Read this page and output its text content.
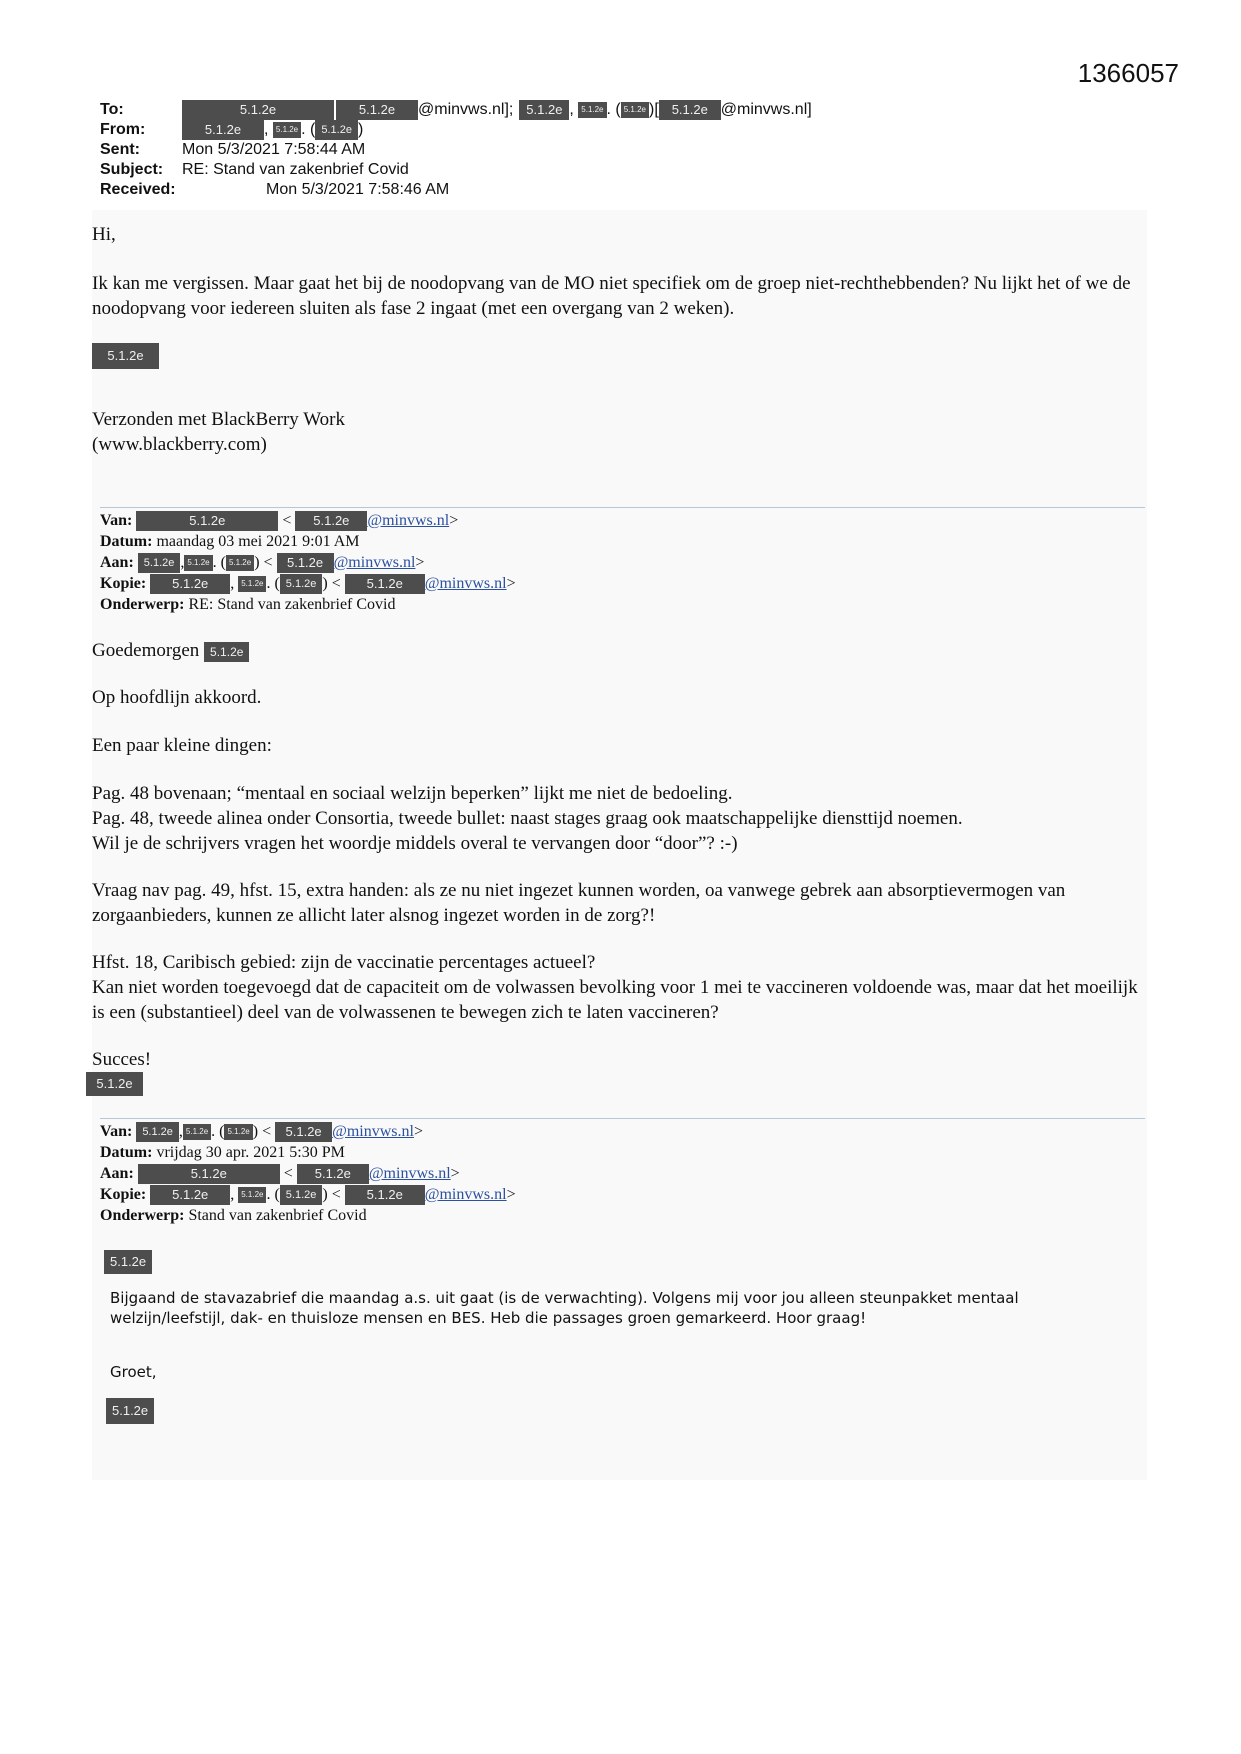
1366057
To:	5.1.2e	5.1.2e	@minvws.nl]; 5.1.2e , 5.1.2e . ( 5.1.2e )[ 5.1.2e @minvws.nl]
From:	5.1.2e	, 5.1.2e . ( 5.1.2e )
Sent:	Mon 5/3/2021 7:58:44 AM
Subject:	RE: Stand van zakenbrief Covid
Received:	Mon 5/3/2021 7:58:46 AM

Hi,

Ik kan me vergissen. Maar gaat het bij de noodopvang van de MO niet specifiek om de groep niet-rechthebbenden? Nu lijkt het of we de noodopvang voor iedereen sluiten als fase 2 ingaat (met een overgang van 2 weken).

5.1.2e

Verzonden met BlackBerry Work

(www.blackberry.com)

Van:	5.1.2e	<	5.1.2e	@minvws.nl >
Datum: maandag 03 mei 2021 9:01 AM
Aan: 5.1.2e , 5.1.2e . ( 5.1.2e ) < 5.1.2e @minvws.nl >
Kopie:	5.1.2e	, 5.1.2e . ( 5.1.2e ) <	5.1.2e	@minvws.nl >
Onderwerp: RE: Stand van zakenbrief Covid

Goedemorgen 5.1.2e

Op hoofdlijn akkoord.

Een paar kleine dingen:

Pag. 48 bovenaan; “mentaal en sociaal welzijn beperken” lijkt me niet de bedoeling.

Pag. 48, tweede alinea onder Consortia, tweede bullet: naast stages graag ook maatschappelijke diensttijd noemen.

Wil je de schrijvers vragen het woordje middels overal te vervangen door “door”? :-)

Vraag nav pag. 49, hfst. 15, extra handen: als ze nu niet ingezet kunnen worden, oa vanwege gebrek aan absorptievermogen van zorgaanbieders, kunnen ze allicht later alsnog ingezet worden in de zorg?!

Hfst. 18, Caribisch gebied: zijn de vaccinatie percentages actueel?

Kan niet worden toegevoegd dat de capaciteit om de volwassen bevolking voor 1 mei te vaccineren voldoende was, maar dat het moeilijk is een (substantieel) deel van de volwassenen te bewegen zich te laten vaccineren?

Succes!

5.1.2e
Van: 5.1.2e , 5.1.2e . ( 5.1.2e ) < 5.1.2e @minvws.nl >
Datum: vrijdag 30 apr. 2021 5:30 PM
Aan:	5.1.2e	<	5.1.2e	@minvws.nl >
Kopie:	5.1.2e	, 5.1.2e . ( 5.1.2e ) <	5.1.2e	@minvws.nl >
Onderwerp: Stand van zakenbrief Covid
5.1.2e
Bijgaand de stavazabrief die maandag a.s. uit gaat (is de verwachting). Volgens mij voor jou alleen steunpakket mentaal welzijn/leefstijl, dak- en thuisloze mensen en BES. Heb die passages groen gemarkeerd. Hoor graag!
Groet,
5.1.2e
